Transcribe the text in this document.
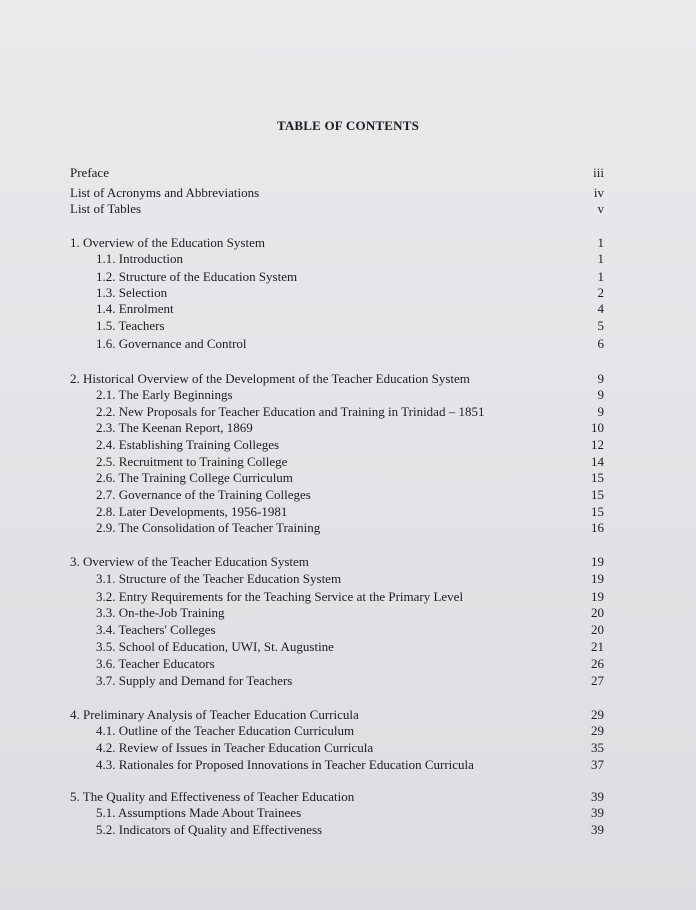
TABLE OF CONTENTS
Preface	iii
List of Acronyms and Abbreviations	iv
List of Tables	v
1. Overview of the Education System	1
1.1. Introduction	1
1.2. Structure of the Education System	1
1.3. Selection	2
1.4. Enrolment	4
1.5. Teachers	5
1.6. Governance and Control	6
2. Historical Overview of the Development of the Teacher Education System	9
2.1. The Early Beginnings	9
2.2. New Proposals for Teacher Education and Training in Trinidad – 1851	9
2.3. The Keenan Report, 1869	10
2.4. Establishing Training Colleges	12
2.5. Recruitment to Training College	14
2.6. The Training College Curriculum	15
2.7. Governance of the Training Colleges	15
2.8. Later Developments, 1956-1981	15
2.9. The Consolidation of Teacher Training	16
3. Overview of the Teacher Education System	19
3.1. Structure of the Teacher Education System	19
3.2. Entry Requirements for the Teaching Service at the Primary Level	19
3.3. On-the-Job Training	20
3.4. Teachers' Colleges	20
3.5. School of Education, UWI, St. Augustine	21
3.6. Teacher Educators	26
3.7. Supply and Demand for Teachers	27
4. Preliminary Analysis of Teacher Education Curricula	29
4.1. Outline of the Teacher Education Curriculum	29
4.2. Review of Issues in Teacher Education Curricula	35
4.3. Rationales for Proposed Innovations in Teacher Education Curricula	37
5. The Quality and Effectiveness of Teacher Education	39
5.1. Assumptions Made About Trainees	39
5.2. Indicators of Quality and Effectiveness	39
